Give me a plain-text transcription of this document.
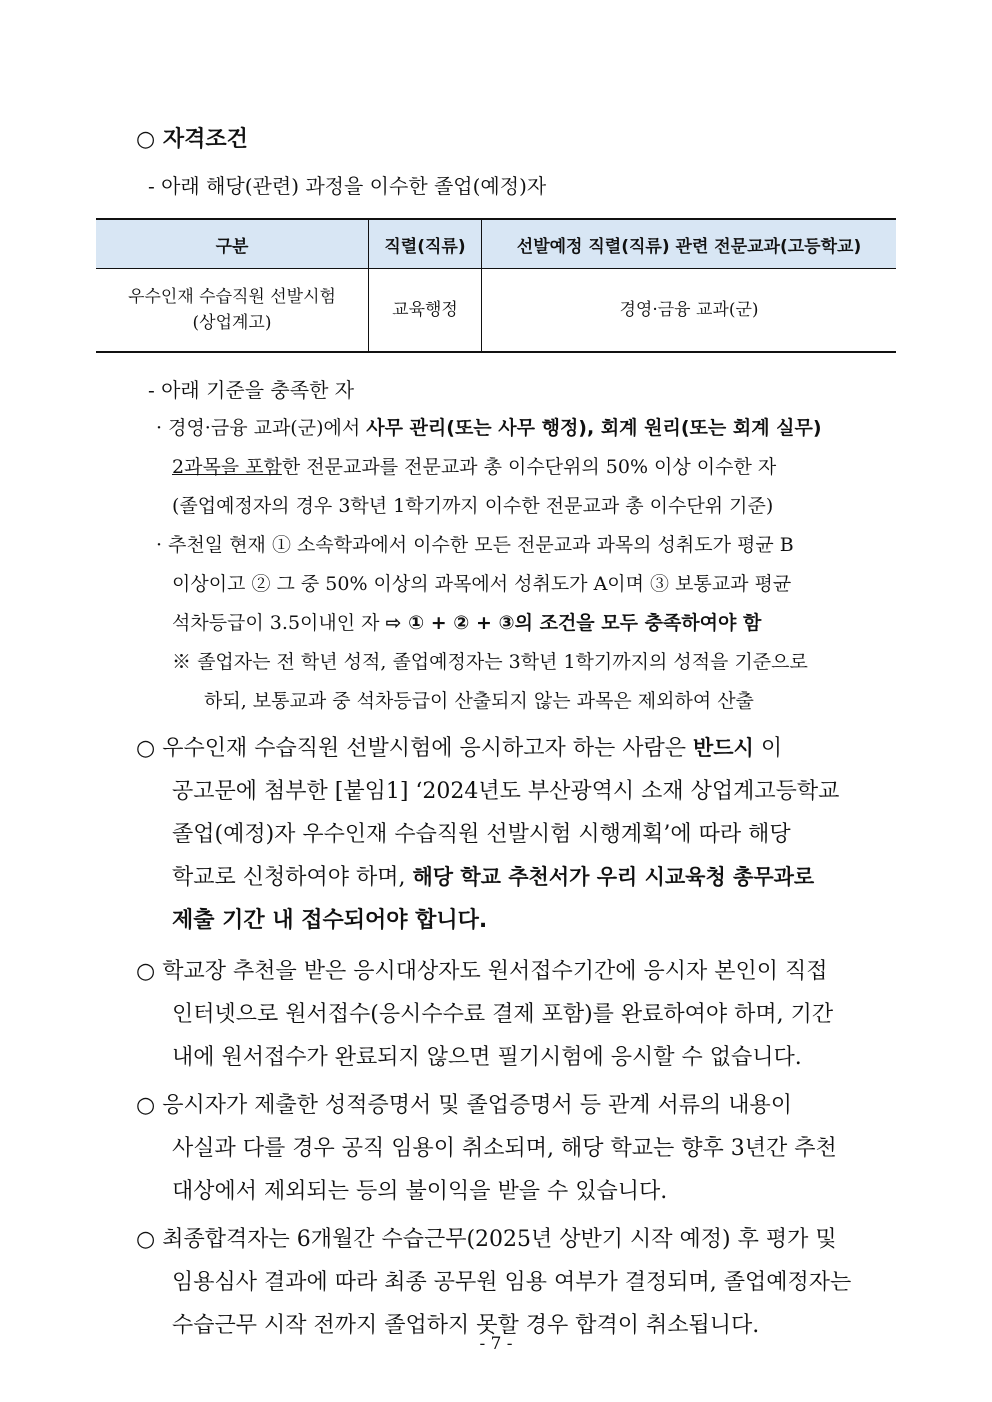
○ 자격조건
- 아래 해당(관련) 과정을 이수한 졸업(예정)자
구분	직렬(직류)	선발예정 직렬(직류) 관련 전문교과(고등학교)

우수인재 수습직원 선발시험
(상업계고)	교육행정	경영·금융 교과(군)
- 아래 기준을 충족한 자
· 경영·금융 교과(군)에서 사무 관리(또는 사무 행정), 회계 원리(또는 회계 실무)
2과목을 포함한 전문교과를 전문교과 총 이수단위의 50% 이상 이수한 자
(졸업예정자의 경우 3학년 1학기까지 이수한 전문교과 총 이수단위 기준)
· 추천일 현재 ① 소속학과에서 이수한 모든 전문교과 과목의 성취도가 평균 B
이상이고 ② 그 중 50% 이상의 과목에서 성취도가 A이며 ③ 보통교과 평균
석차등급이 3.5이내인 자 ⇨ ① + ② + ③의 조건을 모두 충족하여야 함
※ 졸업자는 전 학년 성적, 졸업예정자는 3학년 1학기까지의 성적을 기준으로
하되, 보통교과 중 석차등급이 산출되지 않는 과목은 제외하여 산출
○ 우수인재 수습직원 선발시험에 응시하고자 하는 사람은 반드시 이
공고문에 첨부한 [붙임1] ‘2024년도 부산광역시 소재 상업계고등학교
졸업(예정)자 우수인재 수습직원 선발시험 시행계획’에 따라 해당
학교로 신청하여야 하며, 해당 학교 추천서가 우리 시교육청 총무과로
제출 기간 내 접수되어야 합니다.
○ 학교장 추천을 받은 응시대상자도 원서접수기간에 응시자 본인이 직접
인터넷으로 원서접수(응시수수료 결제 포함)를 완료하여야 하며, 기간
내에 원서접수가 완료되지 않으면 필기시험에 응시할 수 없습니다.
○ 응시자가 제출한 성적증명서 및 졸업증명서 등 관계 서류의 내용이
사실과 다를 경우 공직 임용이 취소되며, 해당 학교는 향후 3년간 추천
대상에서 제외되는 등의 불이익을 받을 수 있습니다.
○ 최종합격자는 6개월간 수습근무(2025년 상반기 시작 예정) 후 평가 및
임용심사 결과에 따라 최종 공무원 임용 여부가 결정되며, 졸업예정자는
수습근무 시작 전까지 졸업하지 못할 경우 합격이 취소됩니다.
- 7 -
